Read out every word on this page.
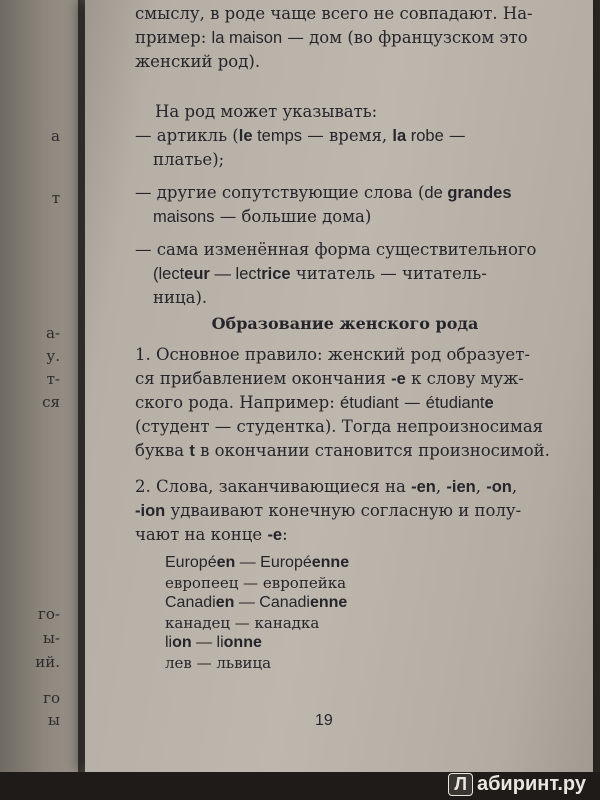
а
т
а-
у.
т-
ся
го-
ы-
ий.
го
ы

смыслу, в роде чаще всего не совпадают. На-

пример: la maison — дом (во французском это

женский род).

На род может указывать:

— артикль (le temps — время, la robe —

платье);

— другие сопутствующие слова (de grandes

maisons — большие дома)

— сама изменённая форма существительного

(lecteur — lectrice читатель — читатель-

ница).

Образование женского рода

1. Основное правило: женский род образует-

ся прибавлением окончания -e к слову муж-

ского рода. Например: étudiant — étudiante

(студент — студентка). Тогда непроизносимая

буква t в окончании становится произносимой.

2. Слова, заканчивающиеся на -en, -ien, -on,

-ion удваивают конечную согласную и полу-

чают на конце -e:

Européen — Européenne
европеец — европейка
Canadien — Canadienne
канадец — канадка
lion — lionne
лев — львица
19
Л абиринт.ру
